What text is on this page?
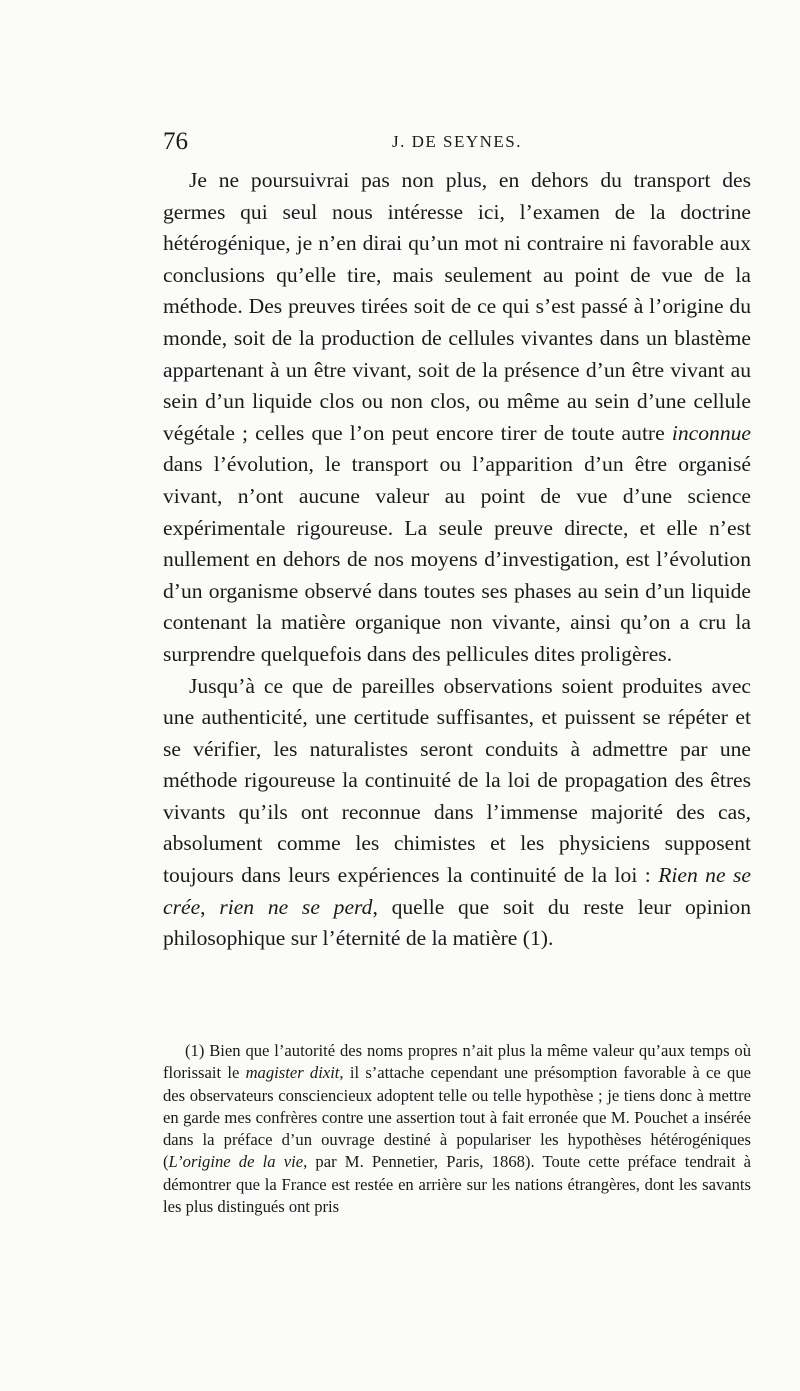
76	J. DE SEYNES.

Je ne poursuivrai pas non plus, en dehors du transport des germes qui seul nous intéresse ici, l’examen de la doctrine hétérogénique, je n’en dirai qu’un mot ni contraire ni favorable aux conclusions qu’elle tire, mais seulement au point de vue de la méthode. Des preuves tirées soit de ce qui s’est passé à l’origine du monde, soit de la production de cellules vivantes dans un blastème appartenant à un être vivant, soit de la présence d’un être vivant au sein d’un liquide clos ou non clos, ou même au sein d’une cellule végétale ; celles que l’on peut encore tirer de toute autre inconnue dans l’évolution, le transport ou l’apparition d’un être organisé vivant, n’ont aucune valeur au point de vue d’une science expérimentale rigoureuse. La seule preuve directe, et elle n’est nullement en dehors de nos moyens d’investigation, est l’évolution d’un organisme observé dans toutes ses phases au sein d’un liquide contenant la matière organique non vivante, ainsi qu’on a cru la surprendre quelquefois dans des pellicules dites proligères.

Jusqu’à ce que de pareilles observations soient produites avec une authenticité, une certitude suffisantes, et puissent se répéter et se vérifier, les naturalistes seront conduits à admettre par une méthode rigoureuse la continuité de la loi de propagation des êtres vivants qu’ils ont reconnue dans l’immense majorité des cas, absolument comme les chimistes et les physiciens supposent toujours dans leurs expériences la continuité de la loi : Rien ne se crée, rien ne se perd, quelle que soit du reste leur opinion philosophique sur l’éternité de la matière (1).

(1) Bien que l’autorité des noms propres n’ait plus la même valeur qu’aux temps où florissait le magister dixit, il s’attache cependant une présomption favorable à ce que des observateurs consciencieux adoptent telle ou telle hypothèse ; je tiens donc à mettre en garde mes confrères contre une assertion tout à fait erronée que M. Pouchet a insérée dans la préface d’un ouvrage destiné à populariser les hypothèses hétérogéniques (L’origine de la vie, par M. Pennetier, Paris, 1868). Toute cette préface tendrait à démontrer que la France est restée en arrière sur les nations étrangères, dont les savants les plus distingués ont pris
